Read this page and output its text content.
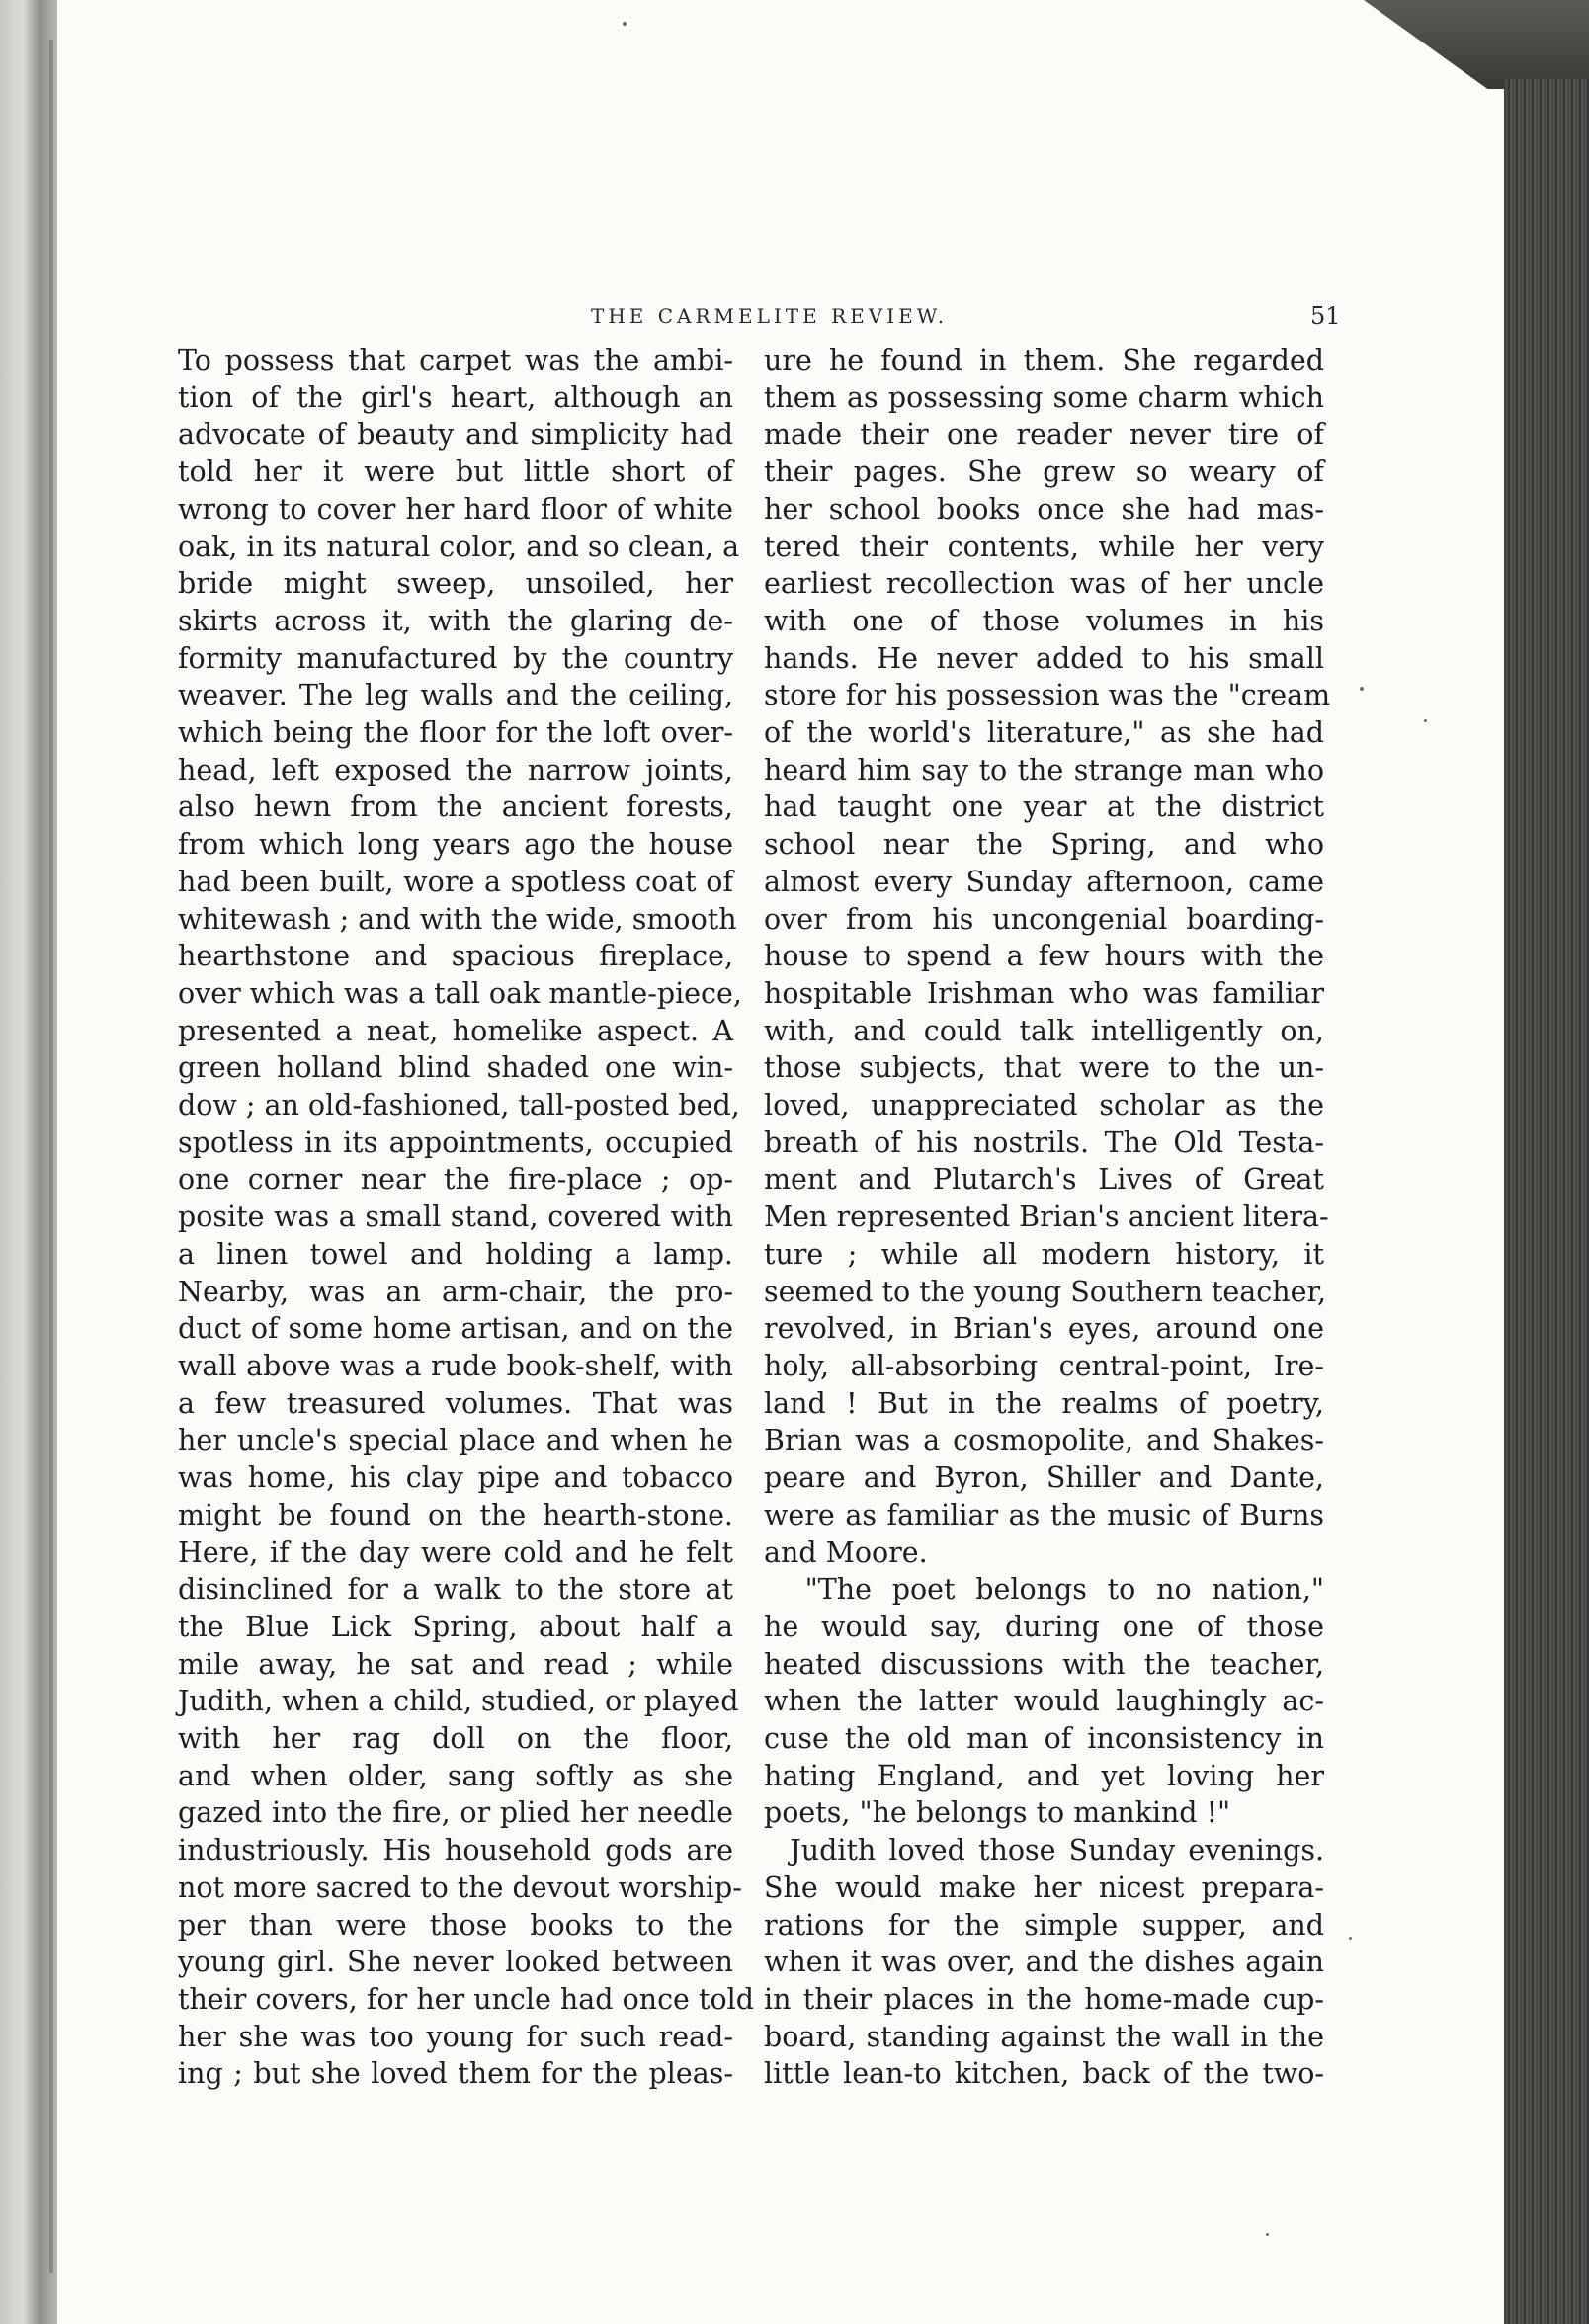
THE CARMELITE REVIEW.	51
To possess that carpet was the ambi-
tion of the girl's heart, although an
advocate of beauty and simplicity had
told her it were but little short of
wrong to cover her hard floor of white
oak, in its natural color, and so clean, a
bride might sweep, unsoiled, her
skirts across it, with the glaring de-
formity manufactured by the country
weaver. The leg walls and the ceiling,
which being the floor for the loft over-
head, left exposed the narrow joints,
also hewn from the ancient forests,
from which long years ago the house
had been built, wore a spotless coat of
whitewash ; and with the wide, smooth
hearthstone and spacious fireplace,
over which was a tall oak mantle-piece,
presented a neat, homelike aspect. A
green holland blind shaded one win-
dow ; an old-fashioned, tall-posted bed,
spotless in its appointments, occupied
one corner near the fire-place ; op-
posite was a small stand, covered with
a linen towel and holding a lamp.
Nearby, was an arm-chair, the pro-
duct of some home artisan, and on the
wall above was a rude book-shelf, with
a few treasured volumes. That was
her uncle's special place and when he
was home, his clay pipe and tobacco
might be found on the hearth-stone.
Here, if the day were cold and he felt
disinclined for a walk to the store at
the Blue Lick Spring, about half a
mile away, he sat and read ; while
Judith, when a child, studied, or played
with her rag doll on the floor,
and when older, sang softly as she
gazed into the fire, or plied her needle
industriously. His household gods are
not more sacred to the devout worship-
per than were those books to the
young girl. She never looked between
their covers, for her uncle had once told
her she was too young for such read-
ing ; but she loved them for the pleas-
ure he found in them. She regarded
them as possessing some charm which
made their one reader never tire of
their pages. She grew so weary of
her school books once she had mas-
tered their contents, while her very
earliest recollection was of her uncle
with one of those volumes in his
hands. He never added to his small
store for his possession was the "cream
of the world's literature," as she had
heard him say to the strange man who
had taught one year at the district
school near the Spring, and who
almost every Sunday afternoon, came
over from his uncongenial boarding-
house to spend a few hours with the
hospitable Irishman who was familiar
with, and could talk intelligently on,
those subjects, that were to the un-
loved, unappreciated scholar as the
breath of his nostrils. The Old Testa-
ment and Plutarch's Lives of Great
Men represented Brian's ancient litera-
ture ; while all modern history, it
seemed to the young Southern teacher,
revolved, in Brian's eyes, around one
holy, all-absorbing central-point, Ire-
land ! But in the realms of poetry,
Brian was a cosmopolite, and Shakes-
peare and Byron, Shiller and Dante,
were as familiar as the music of Burns
and Moore.
"The poet belongs to no nation,"
he would say, during one of those
heated discussions with the teacher,
when the latter would laughingly ac-
cuse the old man of inconsistency in
hating England, and yet loving her
poets, "he belongs to mankind !"
Judith loved those Sunday evenings.
She would make her nicest prepara-
rations for the simple supper, and
when it was over, and the dishes again
in their places in the home-made cup-
board, standing against the wall in the
little lean-to kitchen, back of the two-
